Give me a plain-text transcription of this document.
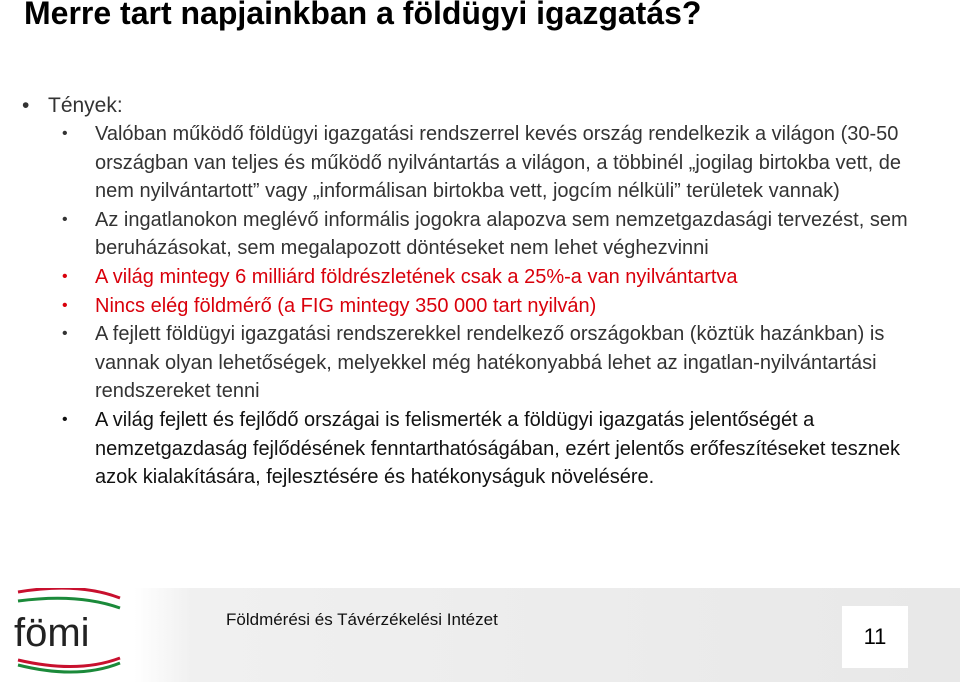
Merre tart napjainkban a földügyi igazgatás?
• Tények:
• Valóban működő földügyi igazgatási rendszerrel kevés ország rendelkezik a világon (30-50 országban van teljes és működő nyilvántartás a világon, a többinél „jogilag birtokba vett, de nem nyilvántartott” vagy „informálisan birtokba vett, jogcím nélküli” területek vannak)
• Az ingatlanokon meglévő informális jogokra alapozva sem nemzetgazdasági tervezést, sem beruházásokat, sem megalapozott döntéseket nem lehet véghezvinni
• A világ mintegy 6 milliárd földrészletének csak a 25%-a van nyilvántartva
• Nincs elég földmérő (a FIG mintegy 350 000 tart nyilván)
• A fejlett földügyi igazgatási rendszerekkel rendelkező országokban (köztük hazánkban) is vannak olyan lehetőségek, melyekkel még hatékonyabbá lehet az ingatlan-nyilvántartási rendszereket tenni
• A világ fejlett és fejlődő országai is felismerték a földügyi igazgatás jelentőségét a nemzetgazdaság fejlődésének fenntarthatóságában, ezért jelentős erőfeszítéseket tesznek azok kialakítására, fejlesztésére és hatékonyságuk növelésére.
fömi	Földmérési és Távérzékelési Intézet
11
